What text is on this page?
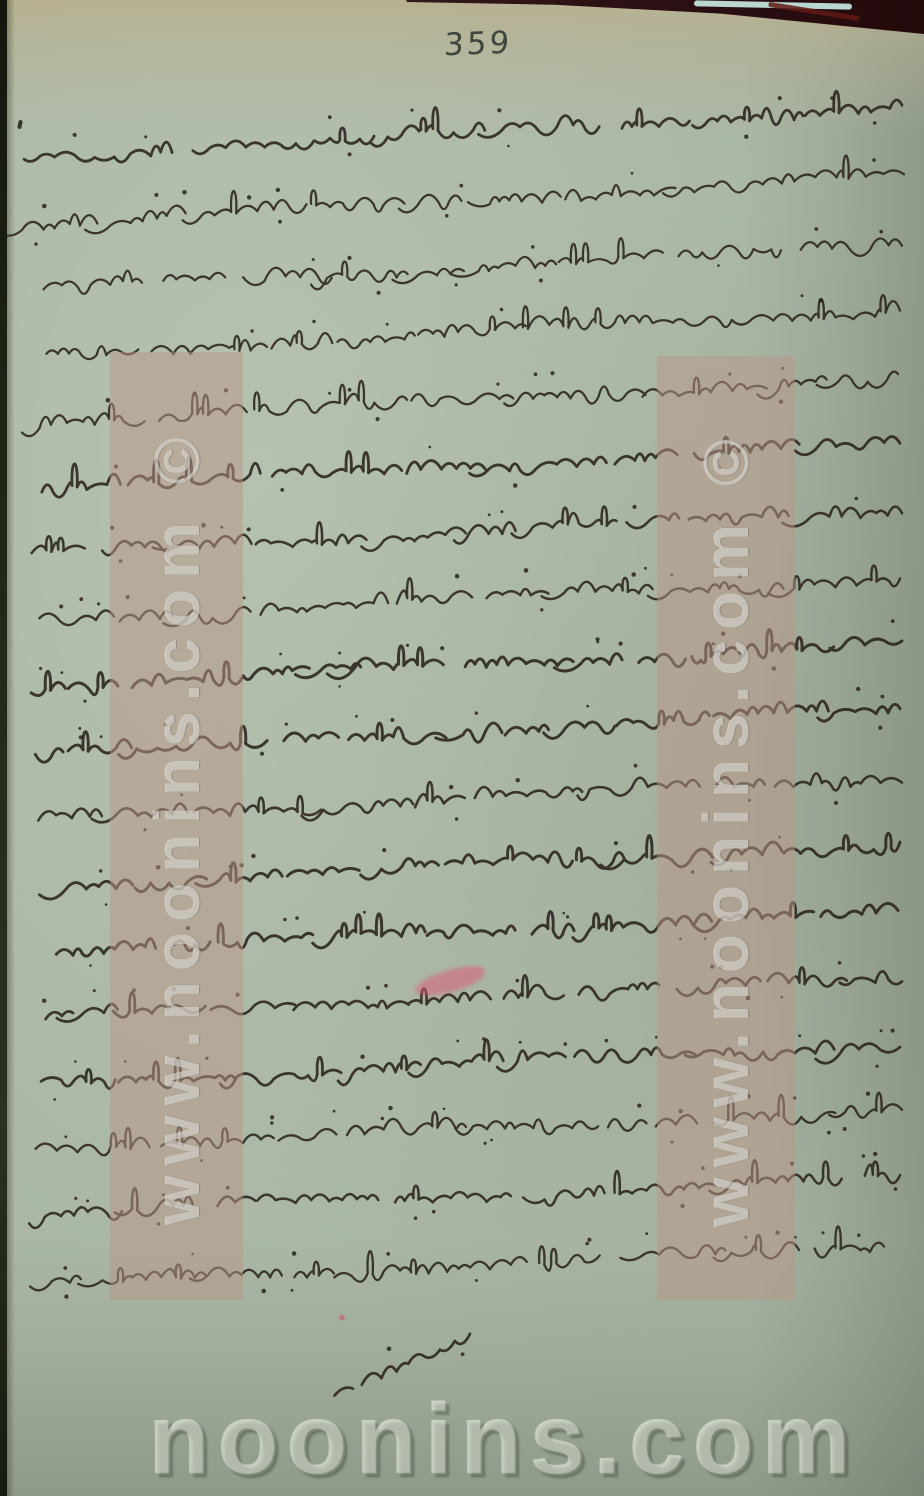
noonins.com
359
www.noonins.com ©	www.noonins.com ©
